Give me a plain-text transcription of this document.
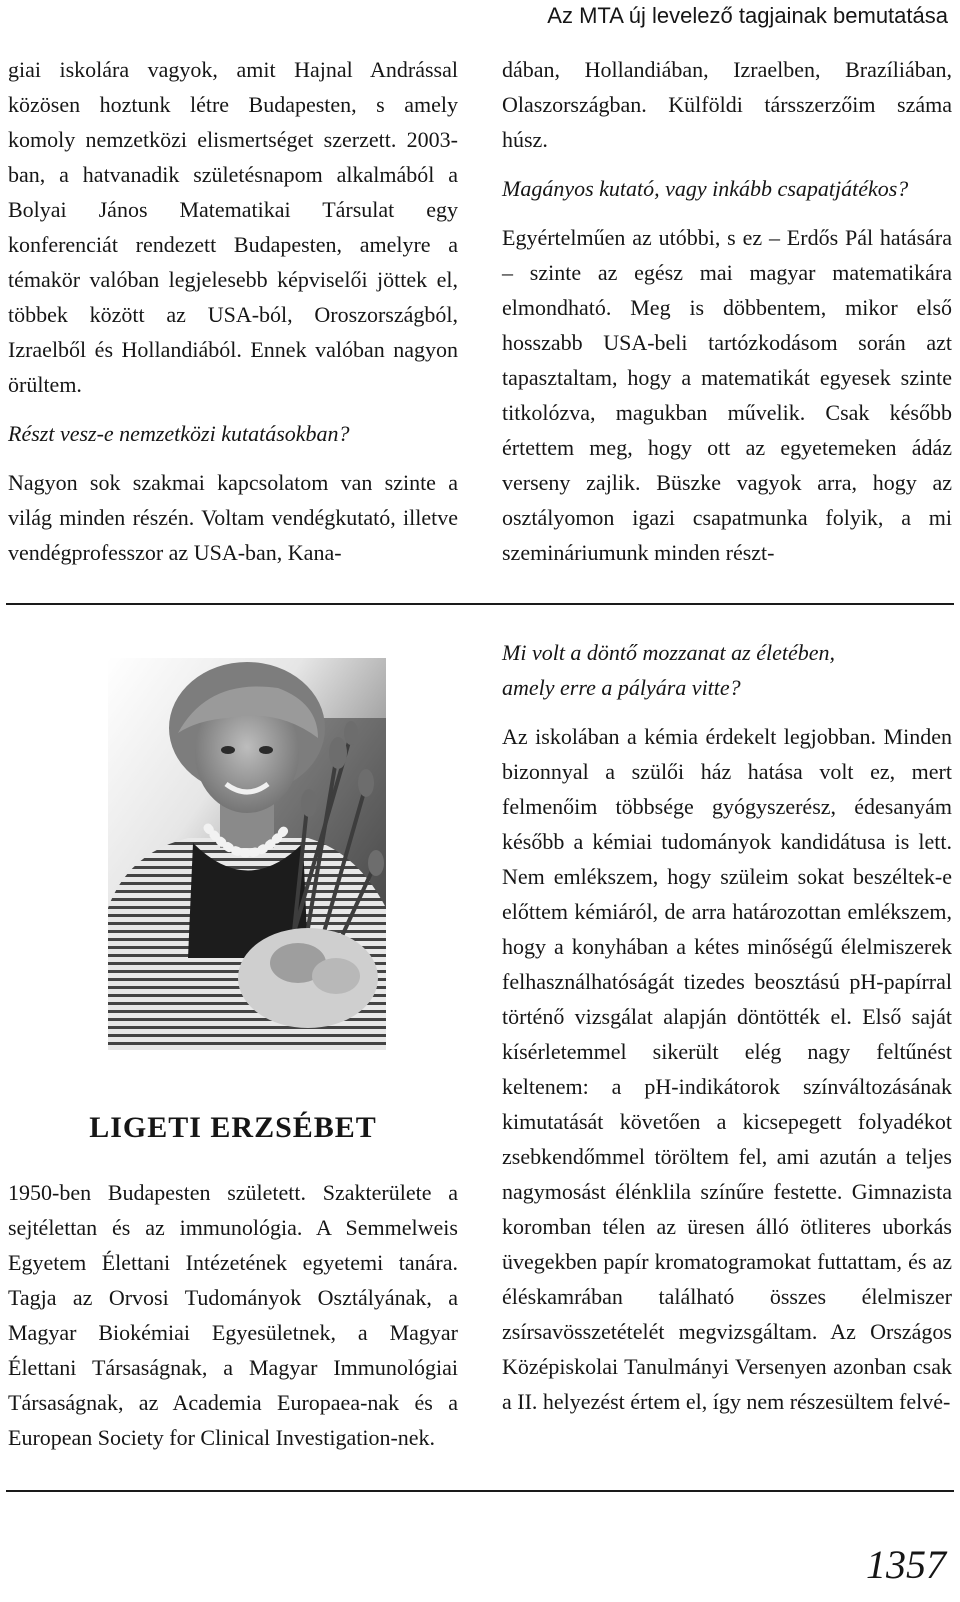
Az MTA új levelező tagjainak bemutatása

giai iskolára vagyok, amit Hajnal Andrással közösen hoztunk létre Budapesten, s amely komoly nemzetközi elismertséget szerzett. 2003-ban, a hatvanadik születésnapom alkalmából a Bolyai János Matematikai Társulat egy konferenciát rendezett Budapesten, amelyre a témakör valóban legjelesebb képviselői jöttek el, többek között az USA-ból, Oroszországból, Izraelből és Hollandiából. Ennek valóban nagyon örültem.

Részt vesz-e nemzetközi kutatásokban?

Nagyon sok szakmai kapcsolatom van szinte a világ minden részén. Voltam vendégkutató, illetve vendégprofesszor az USA-ban, Kana-

dában, Hollandiában, Izraelben, Brazíliában, Olaszországban. Külföldi társszerzőim száma húsz.

Magányos kutató, vagy inkább csapatjátékos?

Egyértelműen az utóbbi, s ez – Erdős Pál hatására – szinte az egész mai magyar matematikára elmondható. Meg is döbbentem, mikor első hosszabb USA-beli tartózkodásom során azt tapasztaltam, hogy a matematikát egyesek szinte titkolózva, magukban művelik. Csak később értettem meg, hogy ott az egyetemeken ádáz verseny zajlik. Büszke vagyok arra, hogy az osztályomon igazi csapatmunka folyik, a mi szemináriumunk minden részt-

LIGETI ERZSÉBET

1950-ben Budapesten született. Szakterülete a sejtélettan és az immunológia. A Semmelweis Egyetem Élettani Intézetének egyetemi tanára. Tagja az Orvosi Tudományok Osztályának, a Magyar Biokémiai Egyesületnek, a Magyar Élettani Társaságnak, a Magyar Immunológiai Társaságnak, az Academia Europaea-nak és a European Society for Clinical Investigation-nek.

Mi volt a döntő mozzanat az életében, amely erre a pályára vitte?

Az iskolában a kémia érdekelt legjobban. Minden bizonnyal a szülői ház hatása volt ez, mert felmenőim többsége gyógyszerész, édesanyám később a kémiai tudományok kandidátusa is lett. Nem emlékszem, hogy szüleim sokat beszéltek-e előttem kémiáról, de arra határozottan emlékszem, hogy a konyhában a kétes minőségű élelmiszerek felhasználhatóságát tizedes beosztású pH-papírral történő vizsgálat alapján döntötték el. Első saját kísérletemmel sikerült elég nagy feltűnést keltenem: a pH-indikátorok színváltozásának kimutatását követően a kicsepegett folyadékot zsebkendőmmel töröltem fel, ami azután a teljes nagymosást élénklila színűre festette. Gimnazista koromban télen az üresen álló ötliteres uborkás üvegekben papír kromatogramokat futtattam, és az éléskamrában található összes élelmiszer zsírsavösszetételét megvizsgáltam. Az Országos Középiskolai Tanulmányi Versenyen azonban csak a II. helyezést értem el, így nem részesültem felvé-

1357
